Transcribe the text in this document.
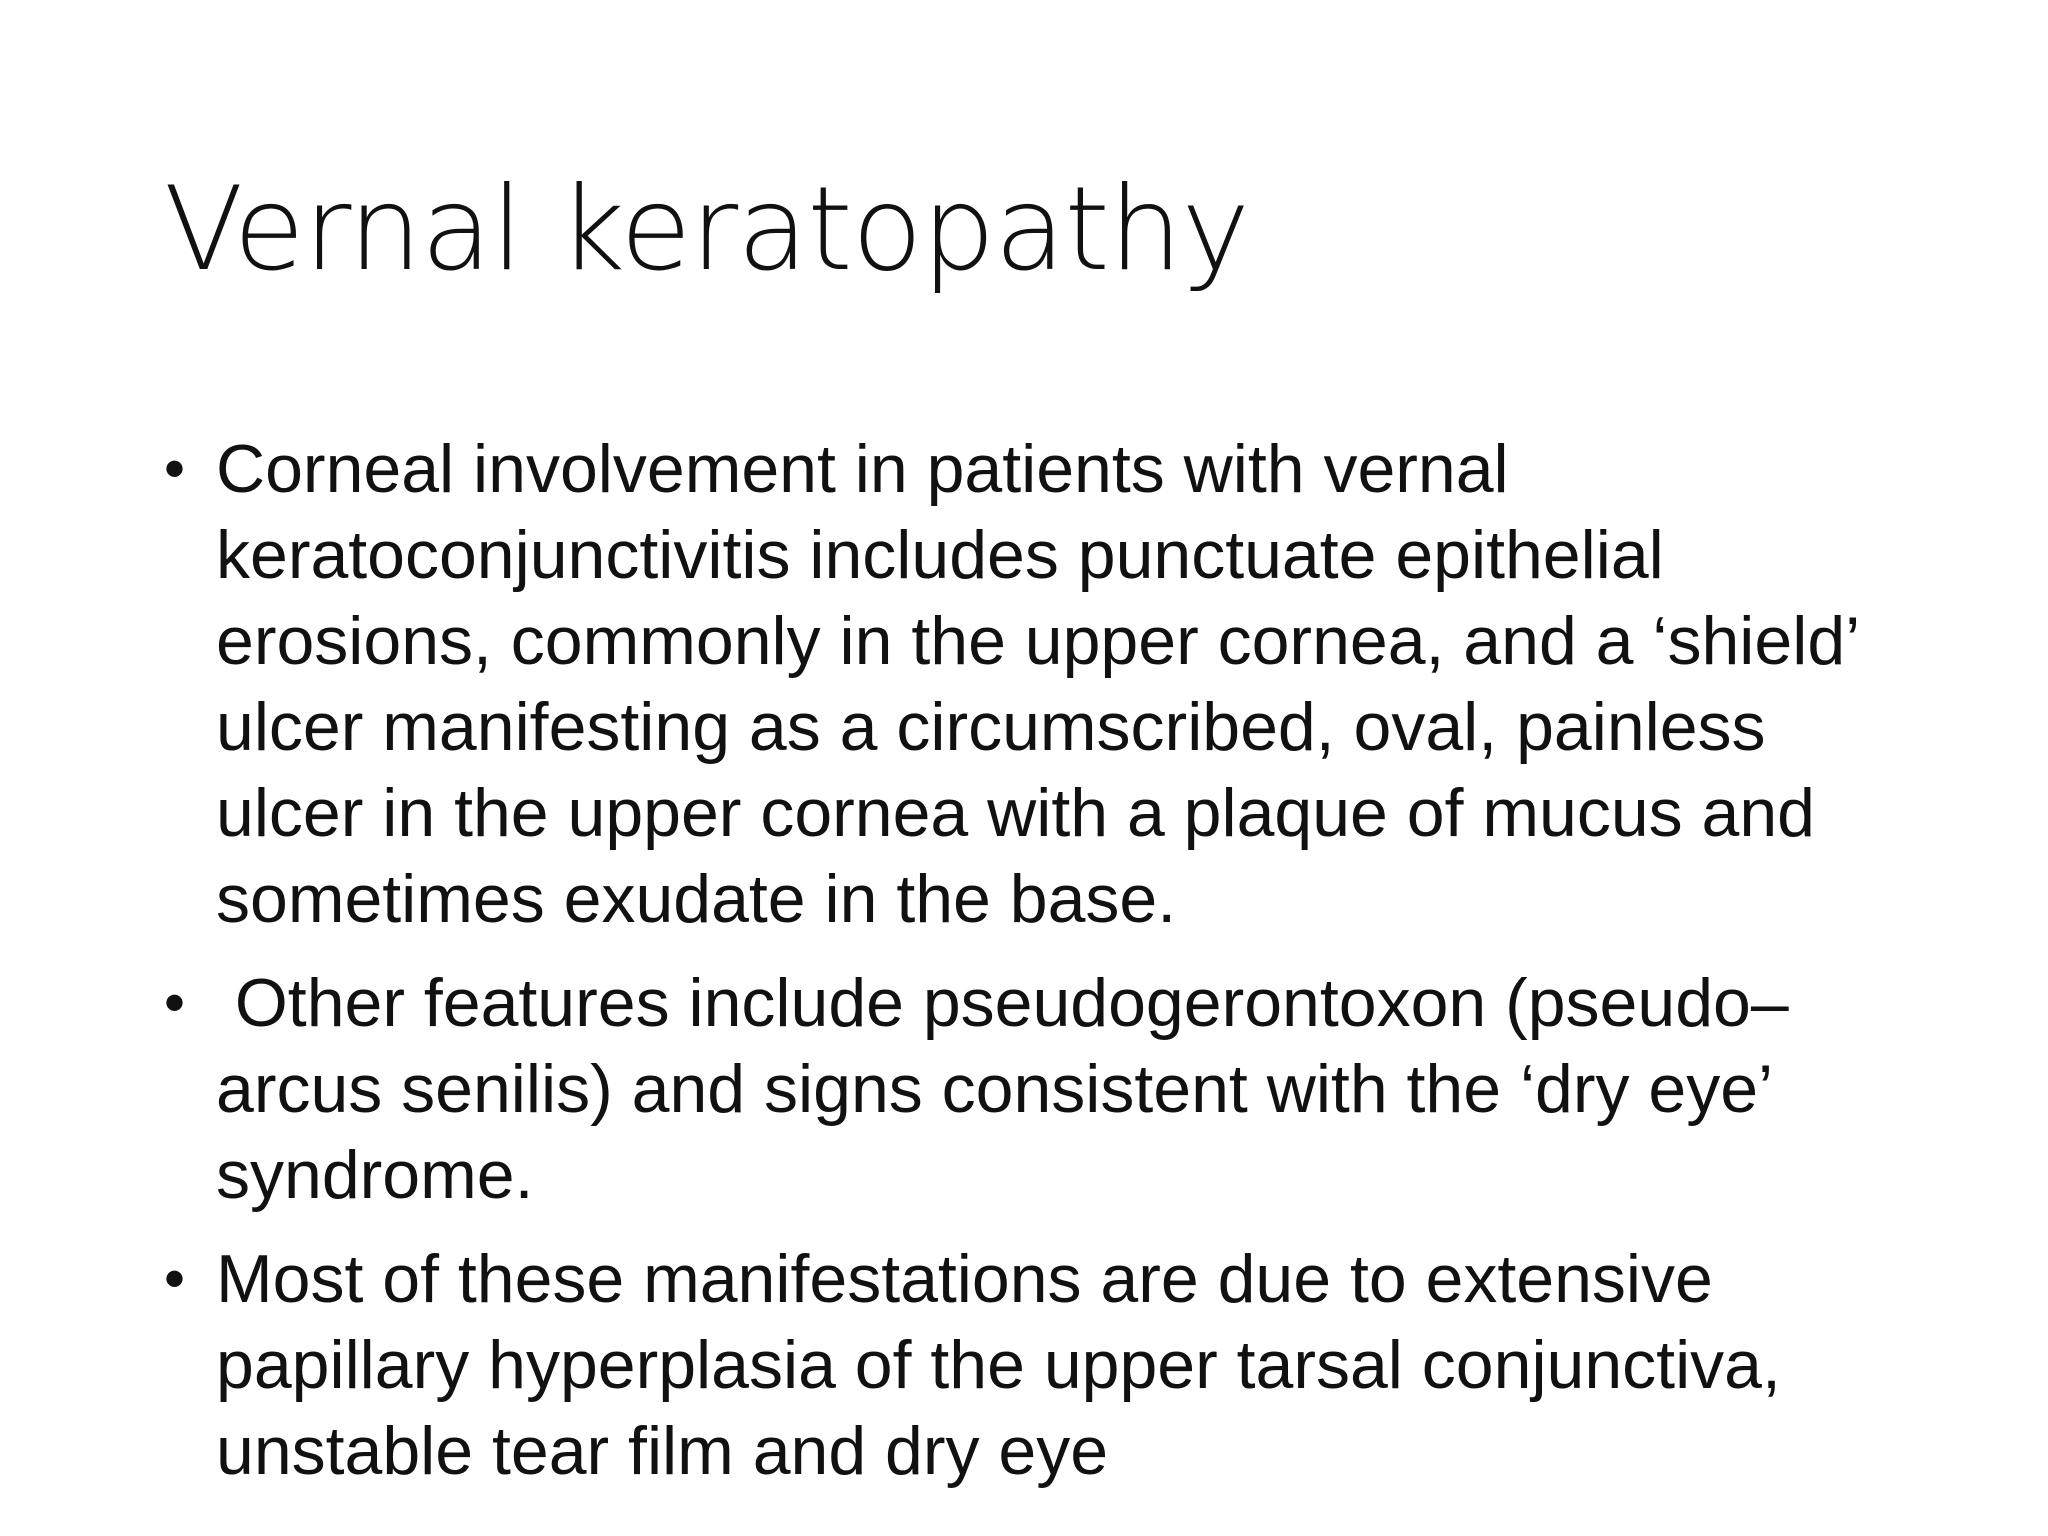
Vernal keratopathy
• Corneal involvement in patients with vernal keratoconjunctivitis includes punctuate epithelial erosions, commonly in the upper cornea, and a ‘shield’ ulcer manifesting as a circumscribed, oval, painless ulcer in the upper cornea with a plaque of mucus and sometimes exudate in the base.
• Other features include pseudogerontoxon (pseudo–arcus senilis) and signs consistent with the ‘dry eye’ syndrome.
• Most of these manifestations are due to extensive papillary hyperplasia of the upper tarsal conjunctiva, unstable tear film and dry eye
